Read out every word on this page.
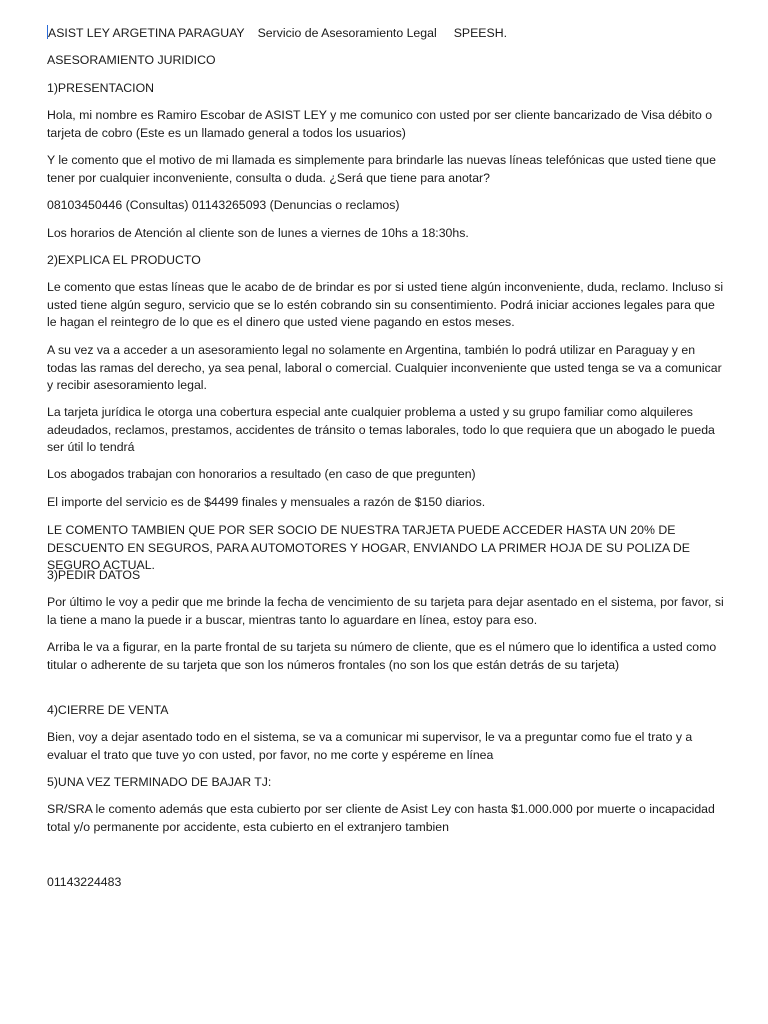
ASIST LEY ARGETINA PARAGUAY Servicio de Asesoramiento Legal SPEESH.

ASESORAMIENTO JURIDICO

1)PRESENTACION

Hola, mi nombre es Ramiro Escobar de ASIST LEY y me comunico con usted por ser cliente bancarizado de Visa débito o tarjeta de cobro (Este es un llamado general a todos los usuarios)

Y le comento que el motivo de mi llamada es simplemente para brindarle las nuevas líneas telefónicas que usted tiene que tener por cualquier inconveniente, consulta o duda. ¿Será que tiene para anotar?

08103450446 (Consultas) 01143265093 (Denuncias o reclamos)

Los horarios de Atención al cliente son de lunes a viernes de 10hs a 18:30hs.

2)EXPLICA EL PRODUCTO

Le comento que estas líneas que le acabo de de brindar es por si usted tiene algún inconveniente, duda, reclamo. Incluso si usted tiene algún seguro, servicio que se lo estén cobrando sin su consentimiento. Podrá iniciar acciones legales para que le hagan el reintegro de lo que es el dinero que usted viene pagando en estos meses.

A su vez va a acceder a un asesoramiento legal no solamente en Argentina, también lo podrá utilizar en Paraguay y en todas las ramas del derecho, ya sea penal, laboral o comercial. Cualquier inconveniente que usted tenga se va a comunicar y recibir asesoramiento legal.

La tarjeta jurídica le otorga una cobertura especial ante cualquier problema a usted y su grupo familiar como alquileres adeudados, reclamos, prestamos, accidentes de tránsito o temas laborales, todo lo que requiera que un abogado le pueda ser útil lo tendrá

Los abogados trabajan con honorarios a resultado (en caso de que pregunten)

El importe del servicio es de $4499 finales y mensuales a razón de $150 diarios.

LE COMENTO TAMBIEN QUE POR SER SOCIO DE NUESTRA TARJETA PUEDE ACCEDER HASTA UN 20% DE DESCUENTO EN SEGUROS, PARA AUTOMOTORES Y HOGAR, ENVIANDO LA PRIMER HOJA DE SU POLIZA DE SEGURO ACTUAL.

3)PEDIR DATOS

Por último le voy a pedir que me brinde la fecha de vencimiento de su tarjeta para dejar asentado en el sistema, por favor, si la tiene a mano la puede ir a buscar, mientras tanto lo aguardare en línea, estoy para eso.

Arriba le va a figurar, en la parte frontal de su tarjeta su número de cliente, que es el número que lo identifica a usted como titular o adherente de su tarjeta que son los números frontales (no son los que están detrás de su tarjeta)

4)CIERRE DE VENTA

Bien, voy a dejar asentado todo en el sistema, se va a comunicar mi supervisor, le va a preguntar como fue el trato y a evaluar el trato que tuve yo con usted, por favor, no me corte y espéreme en línea

5)UNA VEZ TERMINADO DE BAJAR TJ:

SR/SRA le comento además que esta cubierto por ser cliente de Asist Ley con hasta $1.000.000 por muerte o incapacidad total y/o permanente por accidente, esta cubierto en el extranjero tambien

01143224483
